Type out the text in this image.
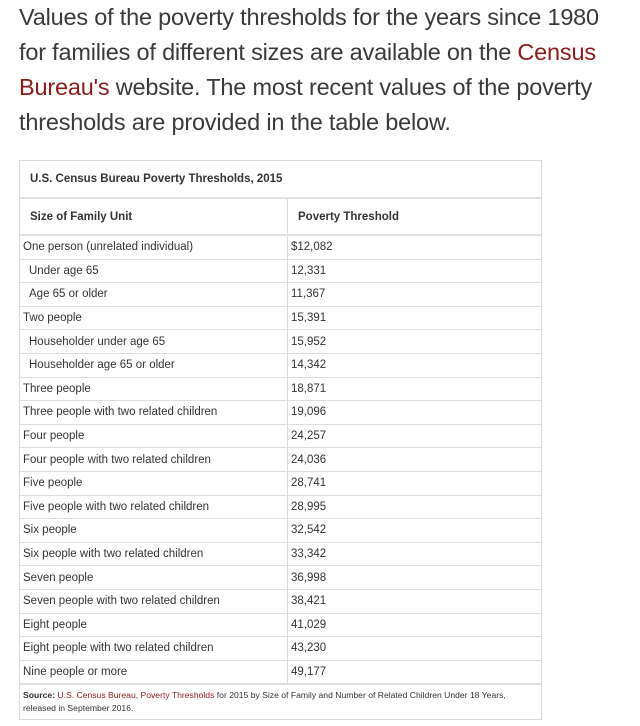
Values of the poverty thresholds for the years since 1980 for families of different sizes are available on the Census Bureau's website. The most recent values of the poverty thresholds are provided in the table below.

U.S. Census Bureau Poverty Thresholds, 2015	
Size of Family Unit	Poverty Threshold
One person (unrelated individual)	$12,082
Under age 65	12,331
Age 65 or older	11,367
Two people	15,391
Householder under age 65	15,952
Householder age 65 or older	14,342
Three people	18,871
Three people with two related children	19,096
Four people	24,257
Four people with two related children	24,036
Five people	28,741
Five people with two related children	28,995
Six people	32,542
Six people with two related children	33,342
Seven people	36,998
Seven people with two related children	38,421
Eight people	41,029
Eight people with two related children	43,230
Nine people or more	49,177
Source: U.S. Census Bureau, Poverty Thresholds for 2015 by Size of Family and Number of Related Children Under 18 Years, released in September 2016.
